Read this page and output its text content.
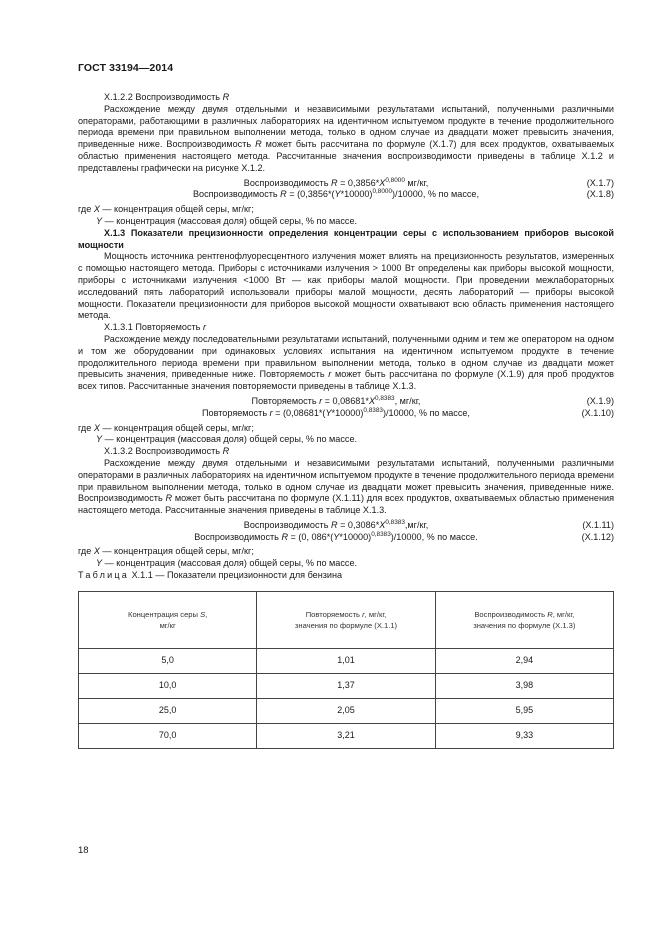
ГОСТ 33194—2014

X.1.2.2 Воспроизводимость R

Расхождение между двумя отдельными и независимыми результатами испытаний, полученными различными операторами, работающими в различных лабораториях на идентичном испытуемом продукте в течение продолжительного периода времени при правильном выполнении метода, только в одном случае из двадцати может превысить значения, приведенные ниже. Воспроизводимость R может быть рассчитана по формуле (X.1.7) для всех продуктов, охватываемых областью применения настоящего метода. Рассчитанные значения воспроизводимости приведены в таблице X.1.2 и представлены графически на рисунке X.1.2.

Воспроизводимость $R = 0,3856*X^{0,8000}$ мг/кг,	(X.1.7)
Воспроизводимость $R = (0,3856*(Y*10000)^{0,8000})/10000$, % по массе,	(X.1.8)

где X — концентрация общей серы, мг/кг;

Y — концентрация (массовая доля) общей серы, % по массе.

X.1.3 Показатели прецизионности определения концентрации серы с использованием приборов высокой мощности

Мощность источника рентгенофлуоресцентного излучения может влиять на прецизионность результатов, измеренных с помощью настоящего метода. Приборы с источниками излучения > 1000 Вт определены как приборы высокой мощности, приборы с источниками излучения <1000 Вт — как приборы малой мощности. При проведении межлабораторных исследований пять лабораторий использовали приборы малой мощности, десять лабораторий — приборы высокой мощности. Показатели прецизионности для приборов высокой мощности охватывают всю область применения настоящего метода.

X.1.3.1 Повторяемость r

Расхождение между последовательными результатами испытаний, полученными одним и тем же оператором на одном и том же оборудовании при одинаковых условиях испытания на идентичном испытуемом продукте в течение продолжительного периода времени при правильном выполнении метода, только в одном случае из двадцати может превысить значения, приведенные ниже. Повторяемость r может быть рассчитана по формуле (X.1.9) для проб продуктов всех типов. Рассчитанные значения повторяемости приведены в таблице X.1.3.

Повторяемость $r = 0,08681*X^{0,8383}$, мг/кг,	(X.1.9)
Повторяемость $r = (0,08681*(Y*10000)^{0,8383})/10000$, % по массе,	(X.1.10)

где X — концентрация общей серы, мг/кг;

Y — концентрация (массовая доля) общей серы, % по массе.

X.1.3.2 Воспроизводимость R

Расхождение между двумя отдельными и независимыми результатами испытаний, полученными различными операторами в различных лабораториях на идентичном испытуемом продукте в течение продолжительного периода времени при правильном выполнении метода, только в одном случае из двадцати может превысить значения, приведенные ниже. Воспроизводимость R может быть рассчитана по формуле (X.1.11) для всех продуктов, охватываемых областью применения настоящего метода. Рассчитанные значения приведены в таблице X.1.3.

Воспроизводимость $R = 0,3086*X^{0,8383},мг/кг$,	(X.1.11)
Воспроизводимость R = (0, $086*(Y*10000)^{0,8383})/10000$, % по массе.	(X.1.12)

где X — концентрация общей серы, мг/кг;

Y — концентрация (массовая доля) общей серы, % по массе.

Таблица X.1.1 — Показатели прецизионности для бензина

Концентрация серы S,
мг/кг	Повторяемость r, мг/кг,
значения по формуле (X.1.1)	Воспроизводимость R, мг/кг,
значения по формуле (X.1.3)
5,0	1,01	2,94
10,0	1,37	3,98
25,0	2,05	5,95
70,0	3,21	9,33
18
